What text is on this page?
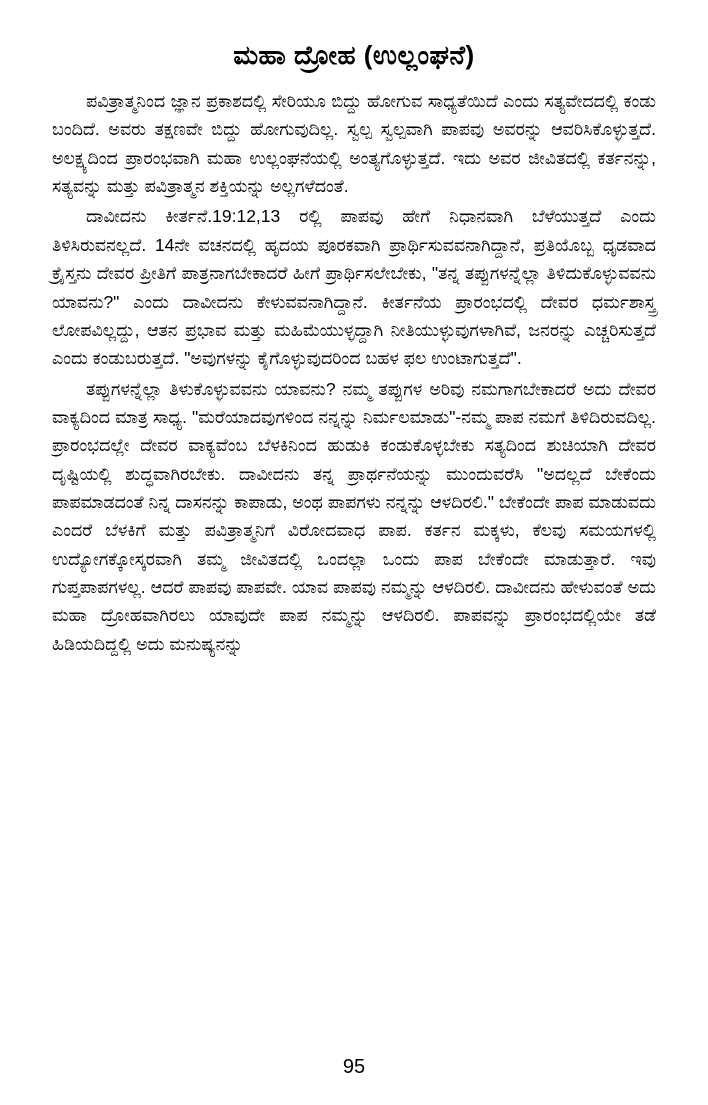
ಮಹಾ ದ್ರೋಹ (ಉಲ್ಲಂಘನೆ)

ಪವಿತ್ರಾತ್ಮನಿಂದ ಜ್ಞಾನ ಪ್ರಕಾಶದಲ್ಲಿ ಸೇರಿಯೂ ಬಿದ್ದು ಹೋಗುವ ಸಾಧ್ಯತೆಯಿದೆ ಎಂದು ಸತ್ಯವೇದದಲ್ಲಿ ಕಂಡು ಬಂದಿದೆ. ಅವರು ತಕ್ಷಣವೇ ಬಿದ್ದು ಹೋಗುವುದಿಲ್ಲ. ಸ್ವಲ್ಪ ಸ್ವಲ್ಪವಾಗಿ ಪಾಪವು ಅವರನ್ನು ಆವರಿಸಿಕೊಳ್ಳುತ್ತದೆ. ಅಲಕ್ಷ್ಯದಿಂದ ಪ್ರಾರಂಭವಾಗಿ ಮಹಾ ಉಲ್ಲಂಘನೆಯಲ್ಲಿ ಅಂತ್ಯಗೊಳ್ಳುತ್ತದೆ. ಇದು ಅವರ ಜೀವಿತದಲ್ಲಿ ಕರ್ತನನ್ನು, ಸತ್ಯವನ್ನು ಮತ್ತು ಪವಿತ್ರಾತ್ಮನ ಶಕ್ತಿಯನ್ನು ಅಲ್ಲಗಳೆದಂತೆ.

ದಾವೀದನು ಕೀರ್ತನೆ.19:12,13 ರಲ್ಲಿ ಪಾಪವು ಹೇಗೆ ನಿಧಾನವಾಗಿ ಬೆಳೆಯುತ್ತದೆ ಎಂದು ತಿಳಿಸಿರುವನಲ್ಲದೆ. 14ನೇ ವಚನದಲ್ಲಿ ಹೃದಯ ಪೂರಕವಾಗಿ ಪ್ರಾರ್ಥಿಸುವವನಾಗಿದ್ದಾನೆ, ಪ್ರತಿಯೊಬ್ಬ ಧೃಡವಾದ ಕ್ರೈಸ್ತನು ದೇವರ ಪ್ರೀತಿಗೆ ಪಾತ್ರನಾಗಬೇಕಾದರೆ ಹೀಗೆ ಪ್ರಾರ್ಥಿಸಲೇಬೇಕು, "ತನ್ನ ತಪ್ಪುಗಳನ್ನೆಲ್ಲಾ ತಿಳಿದುಕೊಳ್ಳುವವನು ಯಾವನು?" ಎಂದು ದಾವೀದನು ಕೇಳುವವನಾಗಿದ್ದಾನೆ. ಕೀರ್ತನೆಯ ಪ್ರಾರಂಭದಲ್ಲಿ ದೇವರ ಧರ್ಮಶಾಸ್ತ್ರ ಲೋಪವಿಲ್ಲದ್ದು, ಆತನ ಪ್ರಭಾವ ಮತ್ತು ಮಹಿಮೆಯುಳ್ಳದ್ದಾಗಿ ನೀತಿಯುಳ್ಳುವುಗಳಾಗಿವೆ, ಜನರನ್ನು ಎಚ್ಚರಿಸುತ್ತದೆ ಎಂದು ಕಂಡುಬರುತ್ತದೆ. "ಅವುಗಳನ್ನು ಕೈಗೊಳ್ಳುವುದರಿಂದ ಬಹಳ ಫಲ ಉಂಟಾಗುತ್ತದೆ".

ತಪ್ಪುಗಳನ್ನೆಲ್ಲಾ ತಿಳುಕೊಳ್ಳುವವನು ಯಾವನು? ನಮ್ಮ ತಪ್ಪುಗಳ ಅರಿವು ನಮಗಾಗಬೇಕಾದರೆ ಅದು ದೇವರ ವಾಕ್ಯದಿಂದ ಮಾತ್ರ ಸಾಧ್ಯ. "ಮರೆಯಾದವುಗಳಿಂದ ನನ್ನನ್ನು ನಿರ್ಮಲಮಾಡು"-ನಮ್ಮ ಪಾಪ ನಮಗೆ ತಿಳಿದಿರುವದಿಲ್ಲ. ಪ್ರಾರಂಭದಲ್ಲೇ ದೇವರ ವಾಕ್ಯವೆಂಬ ಬೆಳಕಿನಿಂದ ಹುಡುಕಿ ಕಂಡುಕೊಳ್ಳಬೇಕು ಸತ್ಯದಿಂದ ಶುಚಿಯಾಗಿ ದೇವರ ದೃಷ್ಟಿಯಲ್ಲಿ ಶುದ್ಧವಾಗಿರಬೇಕು. ದಾವೀದನು ತನ್ನ ಪ್ರಾರ್ಥನೆಯನ್ನು ಮುಂದುವರೆಸಿ "ಅದಲ್ಲದೆ ಬೇಕೆಂದು ಪಾಪಮಾಡದಂತೆ ನಿನ್ನ ದಾಸನನ್ನು ಕಾಪಾಡು, ಅಂಥ ಪಾಪಗಳು ನನ್ನನ್ನು ಆಳದಿರಲಿ." ಬೇಕೆಂದೇ ಪಾಪ ಮಾಡುವದು ಎಂದರೆ ಬೆಳಕಿಗೆ ಮತ್ತು ಪವಿತ್ರಾತ್ಮನಿಗೆ ವಿರೋದವಾಧ ಪಾಪ. ಕರ್ತನ ಮಕ್ಕಳು, ಕೆಲವು ಸಮಯಗಳಲ್ಲಿ ಉದ್ಯೋಗಕ್ಕೋಸ್ಕರವಾಗಿ ತಮ್ಮ ಜೀವಿತದಲ್ಲಿ ಒಂದಲ್ಲಾ ಒಂದು ಪಾಪ ಬೇಕೆಂದೇ ಮಾಡುತ್ತಾರೆ. ಇವು ಗುಪ್ತಪಾಪಗಳಲ್ಲ. ಆದರೆ ಪಾಪವು ಪಾಪವೇ. ಯಾವ ಪಾಪವು ನಮ್ಮನ್ನು ಆಳದಿರಲಿ. ದಾವೀದನು ಹೇಳುವಂತೆ ಅದು ಮಹಾ ದ್ರೋಹವಾಗಿರಲು ಯಾವುದೇ ಪಾಪ ನಮ್ಮನ್ನು ಆಳದಿರಲಿ. ಪಾಪವನ್ನು ಪ್ರಾರಂಭದಲ್ಲಿಯೇ ತಡೆ ಹಿಡಿಯದಿದ್ದಲ್ಲಿ ಅದು ಮನುಷ್ಯನನ್ನು

95
